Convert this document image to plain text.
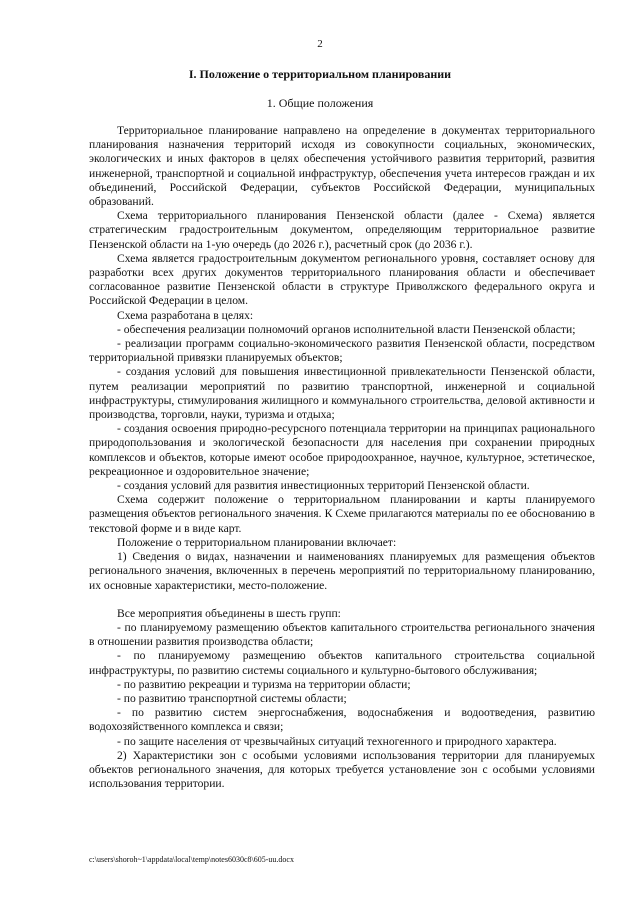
2
I. Положение о территориальном планировании
1. Общие положения

Территориальное планирование направлено на определение в документах территориального планирования назначения территорий исходя из совокупности социальных, экономических, экологических и иных факторов в целях обеспечения устойчивого развития территорий, развития инженерной, транспортной и социальной инфраструктур, обеспечения учета интересов граждан и их объединений, Российской Федерации, субъектов Российской Федерации, муниципальных образований.

Схема территориального планирования Пензенской области (далее - Схема) является стратегическим градостроительным документом, определяющим территориальное развитие Пензенской области на 1-ую очередь (до 2026 г.), расчетный срок (до 2036 г.).

Схема является градостроительным документом регионального уровня, составляет основу для разработки всех других документов территориального планирования области и обеспечивает согласованное развитие Пензенской области в структуре Приволжского федерального округа и Российской Федерации в целом.

Схема разработана в целях:

- обеспечения реализации полномочий органов исполнительной власти Пензенской области;

- реализации программ социально-экономического развития Пензенской области, посредством территориальной привязки планируемых объектов;

- создания условий для повышения инвестиционной привлекательности Пензенской области, путем реализации мероприятий по развитию транспортной, инженерной и социальной инфраструктуры, стимулирования жилищного и коммунального строительства, деловой активности и производства, торговли, науки, туризма и отдыха;

- создания освоения природно-ресурсного потенциала территории на принципах рационального природопользования и экологической безопасности для населения при сохранении природных комплексов и объектов, которые имеют особое природоохранное, научное, культурное, эстетическое, рекреационное и оздоровительное значение;

- создания условий для развития инвестиционных территорий Пензенской области.

Схема содержит положение о территориальном планировании и карты планируемого размещения объектов регионального значения. К Схеме прилагаются материалы по ее обоснованию в текстовой форме и в виде карт.

Положение о территориальном планировании включает:

1) Сведения о видах, назначении и наименованиях планируемых для размещения объектов регионального значения, включенных в перечень мероприятий по территориальному планированию, их основные характеристики, место-положение.

Все мероприятия объединены в шесть групп:

- по планируемому размещению объектов капитального строительства регионального значения в отношении развития производства области;

- по планируемому размещению объектов капитального строительства социальной инфраструктуры, по развитию системы социального и культурно-бытового обслуживания;

- по развитию рекреации и туризма на территории области;

- по развитию транспортной системы области;

- по развитию систем энергоснабжения, водоснабжения и водоотведения, развитию водохозяйственного комплекса и связи;

- по защите населения от чрезвычайных ситуаций техногенного и природного характера.

2) Характеристики зон с особыми условиями использования территории для планируемых объектов регионального значения, для которых требуется установление зон с особыми условиями использования территории.

c:\users\shoroh~1\appdata\local\temp\notes6030c8\605-uu.docx
